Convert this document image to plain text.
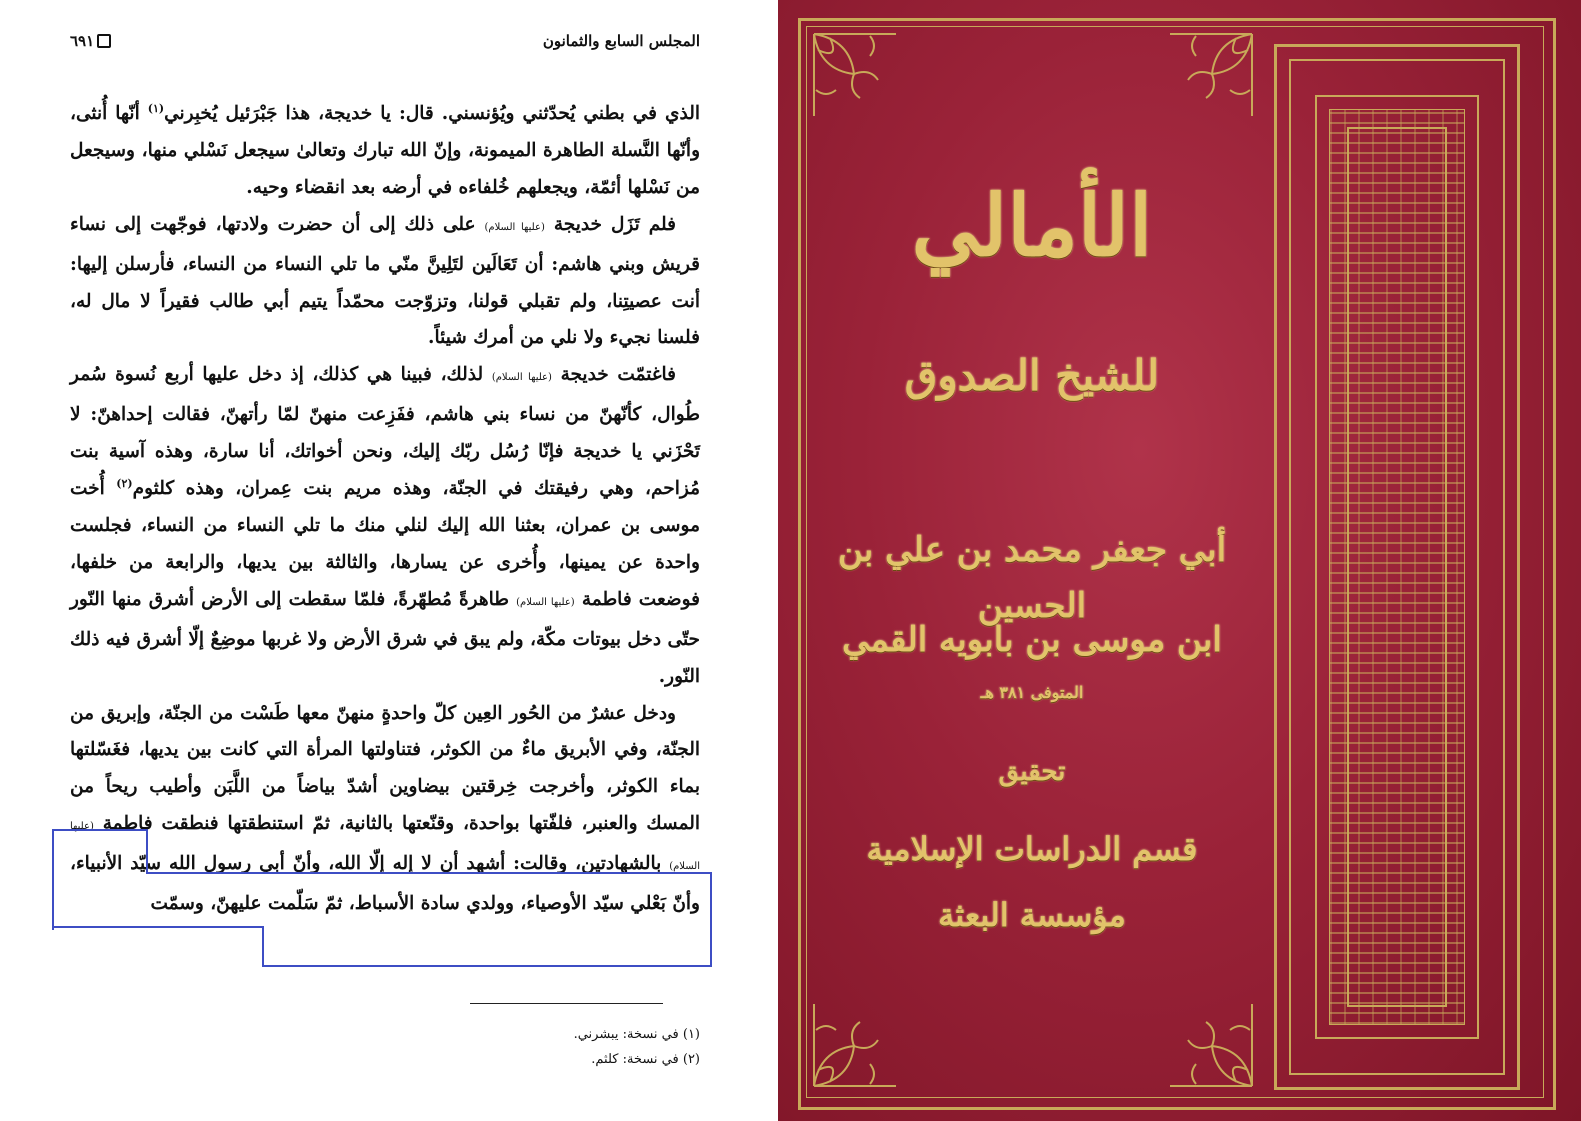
المجلس السابع والثمانون
٦٩١

الذي في بطني يُحدّثني ويُؤنسني. قال: يا خديجة، هذا جَبْرَئيل يُخبِرني$^{(١)}$ أنّها أُنثى، وأنّها النَّسلة الطاهرة الميمونة، وإنّ الله تبارك وتعالىٰ سيجعل نَسْلي منها، وسيجعل من نَسْلها أئمّة، ويجعلهم خُلفاءه في أرضه بعد انقضاء وحيه.

فلم تَزَل خديجة (عليها السلام) على ذلك إلى أن حضرت ولادتها، فوجّهت إلى نساء قريش وبني هاشم: أن تَعَالَين لتَلِينَّ منّي ما تلي النساء من النساء، فأرسلن إليها: أنت عصيتِنا، ولم تقبلي قولنا، وتزوّجت محمّداً يتيم أبي طالب فقيراً لا مال له، فلسنا نجيء ولا نلي من أمرك شيئاً.

فاغتمّت خديجة (عليها السلام) لذلك، فبينا هي كذلك، إذ دخل عليها أربع نُسوة سُمر طُوال، كأنّهنّ من نساء بني هاشم، ففَزِعت منهنّ لمّا رأتهنّ، فقالت إحداهنّ: لا تَحْزَني يا خديجة فإنّا رُسُل ربّك إليك، ونحن أخواتك، أنا سارة، وهذه آسية بنت مُزاحم، وهي رفيقتك في الجنّة، وهذه مريم بنت عِمران، وهذه كلثوم$^{(٢)}$ أُخت موسى بن عمران، بعثنا الله إليك لنلي منك ما تلي النساء من النساء، فجلست واحدة عن يمينها، وأُخرى عن يسارها، والثالثة بين يديها، والرابعة من خلفها، فوضعت فاطمة (عليها السلام) طاهرةً مُطهّرةً، فلمّا سقطت إلى الأرض أشرق منها النّور حتّى دخل بيوتات مكّة، ولم يبق في شرق الأرض ولا غربها موضِعٌ إلّا أشرق فيه ذلك النّور.

ودخل عشرٌ من الحُور العِين كلّ واحدةٍ منهنّ معها طَسْت من الجنّة، وإبريق من الجنّة، وفي الأبريق ماءٌ من الكوثر، فتناولتها المرأة التي كانت بين يديها، فغَسّلتها بماء الكوثر، وأخرجت خِرقتين بيضاوين أشدّ بياضاً من اللَّبَن وأطيب ريحاً من المسك والعنبر، فلفّتها بواحدة، وقنّعتها بالثانية، ثمّ استنطقتها فنطقت فاطمة (عليها السلام) بالشهادتين، وقالت: أشهد أن لا إله إلّا الله، وأنّ أبي رسول الله سيّد الأنبياء، وأنّ بَعْلي سيّد الأوصياء، وولدي سادة الأسباط، ثمّ سَلّمت عليهنّ، وسمّت

(١) في نسخة: يبشرني.
(٢) في نسخة: كلثم.
الأمالي
للشيخ الصدوق
أبي جعفر محمد بن علي بن الحسين
ابن موسى بن بابويه القمي
المتوفى ٣٨١ هـ
تحقيق
قسم الدراسات الإسلامية
مؤسسة البعثة
